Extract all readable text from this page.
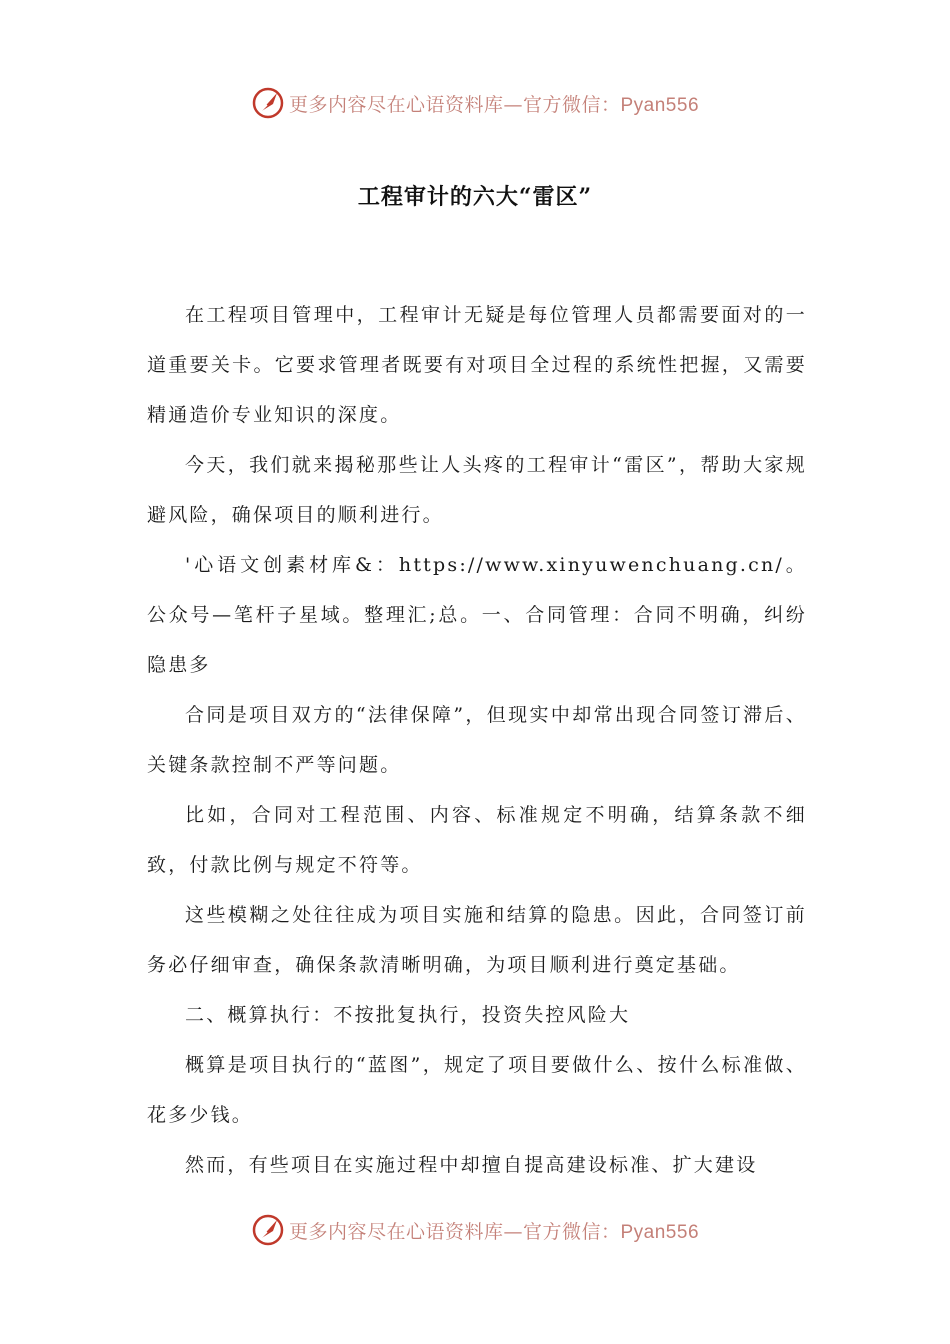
更多内容尽在心语资料库—官方微信：Pyan556
工程审计的六大“雷区”

在工程项目管理中，工程审计无疑是每位管理人员都需要面对的一道重要关卡。它要求管理者既要有对项目全过程的系统性把握，又需要精通造价专业知识的深度。

今天，我们就来揭秘那些让人头疼的工程审计“雷区”，帮助大家规避风险，确保项目的顺利进行。

'心语文创素材库&：https://www.xinyuwenchuang.cn/。公众号—笔杆子星域。整理汇;总。一、合同管理：合同不明确，纠纷隐患多

合同是项目双方的“法律保障”，但现实中却常出现合同签订滞后、关键条款控制不严等问题。

比如，合同对工程范围、内容、标准规定不明确，结算条款不细致，付款比例与规定不符等。

这些模糊之处往往成为项目实施和结算的隐患。因此，合同签订前务必仔细审查，确保条款清晰明确，为项目顺利进行奠定基础。

二、概算执行：不按批复执行，投资失控风险大

概算是项目执行的“蓝图”，规定了项目要做什么、按什么标准做、花多少钱。

然而，有些项目在实施过程中却擅自提高建设标准、扩大建设

更多内容尽在心语资料库—官方微信：Pyan556
